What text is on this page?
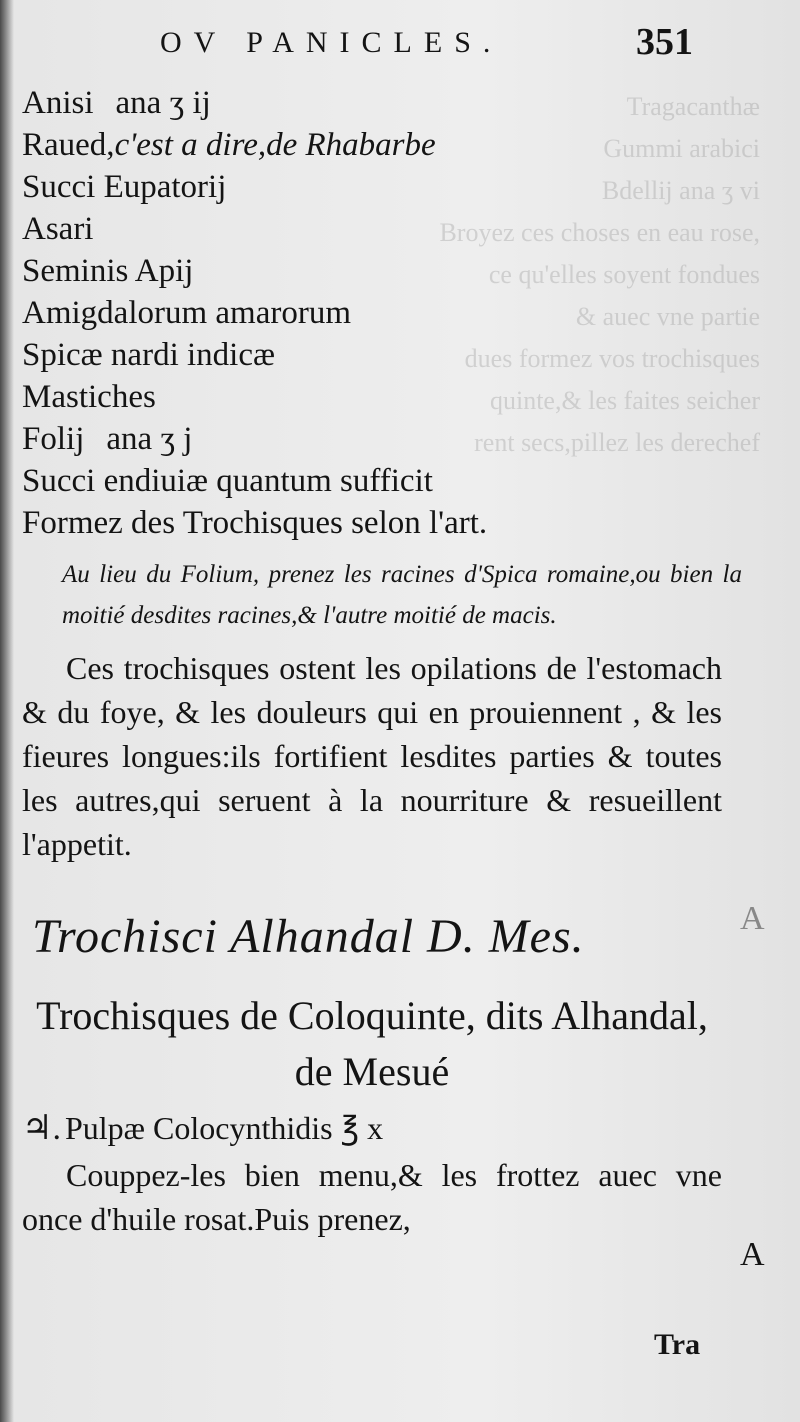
Tragacanthæ
Gummi arabici
Bdellij ana ʒ vi
Broyez ces choses en eau rose,
ce qu'elles soyent fondues
& auec vne partie
dues formez vos trochisques
quinte,& les faites seicher
rent secs,pillez les derechef
OV PANICLES.	351
Anisi ana ʒ ij
Raued,c'est a dire,de Rhabarbe
Succi Eupatorij
Asari
Seminis Apij
Amigdalorum amarorum
Spicæ nardi indicæ
Mastiches
Folij ana ʒ j
Succi endiuiæ quantum sufficit
Formez des Trochisques selon l'art.
Au lieu du Folium, prenez les racines d'Spica romaine,ou bien la moitié desdites racines,& l'autre moitié de macis.
Ces trochisques ostent les opilations de l'estomach & du foye, & les douleurs qui en prouiennent , & les fieures longues:ils fortifient lesdites parties & toutes les autres,qui seruent à la nourriture & resueillent l'appetit.
Trochisci Alhandal D. Mes.
Trochisques de Coloquinte, dits Alhandal, de Mesué
♃. Pulpæ Colocynthidis ℥ x
Couppez-les bien menu,& les frottez auec vne once d'huile rosat.Puis prenez,
A
A
Tra
